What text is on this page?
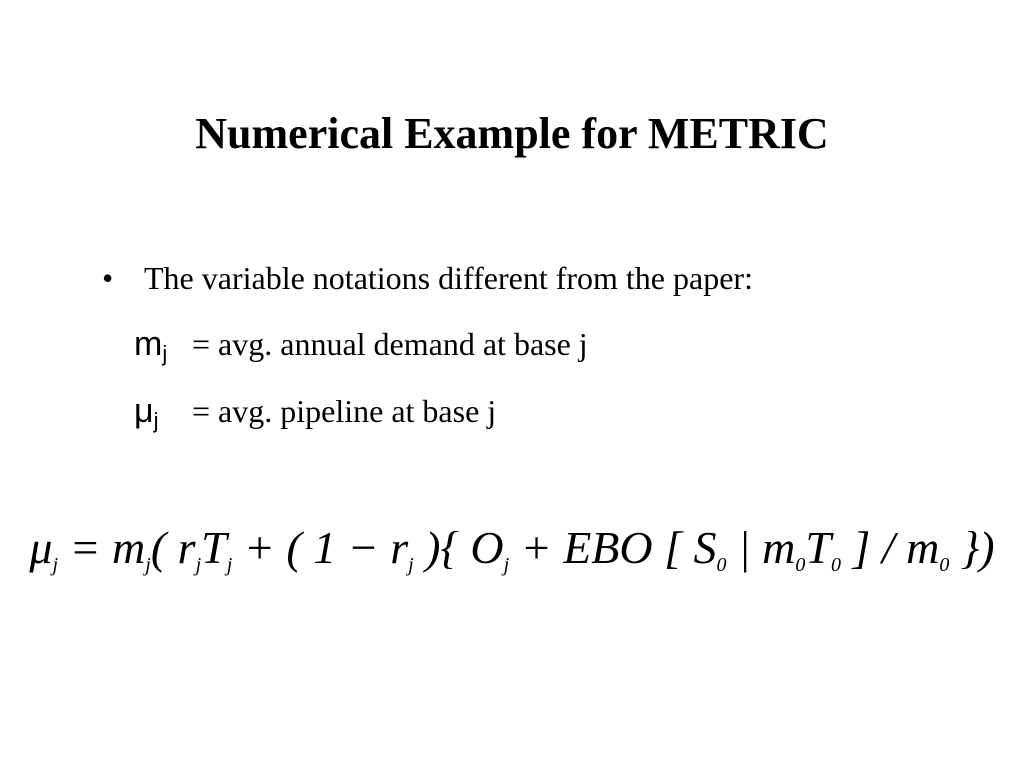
Numerical Example for METRIC
• The variable notations different from the paper:
$m_j$ = avg. annual demand at base j
$\mu_j$ = avg. pipeline at base j
$\mu_j = m_j$( $r_jT_j$ + ( $1 - r_j$ ){ $O_j$ + EBO [ $S_0$ | $m_0T_0$ ] / $m_0$ })
